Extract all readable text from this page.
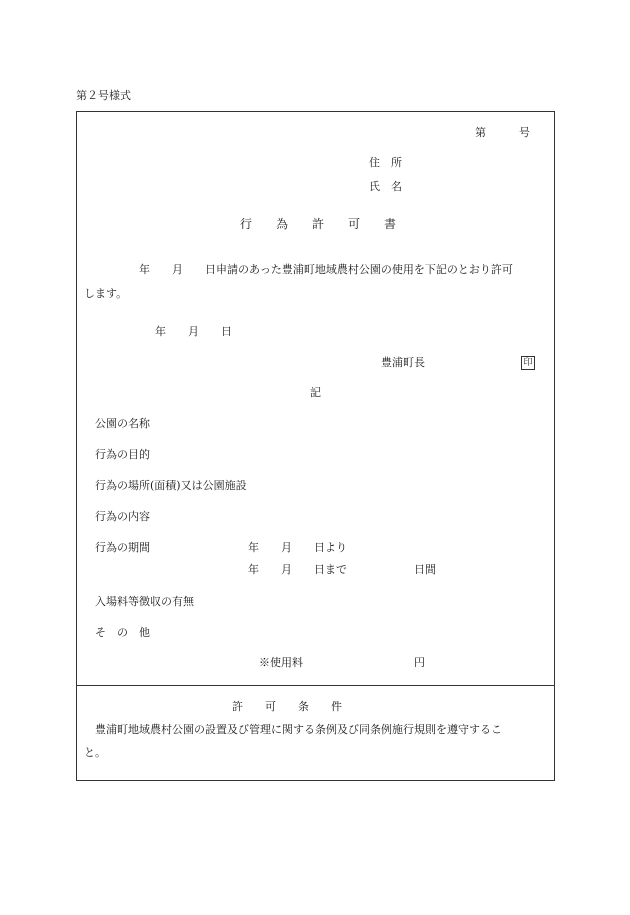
第２号様式
第　　　号
住　所
氏　名
行　　為　　許　　可　　書
　　　　　年　　月　　日申請のあった豊浦町地域農村公園の使用を下記のとおり許可
します。
年　　月　　日
豊浦町長	印
記
公園の名称
行為の目的
行為の場所(面積)又は公園施設
行為の内容
行為の期間	年　　月　　日より
年　　月　　日まで	日間
入場料等徴収の有無
そ　の　他
※使用料	円
許　　可　　条　　件
豊浦町地域農村公園の設置及び管理に関する条例及び同条例施行規則を遵守するこ
と。
